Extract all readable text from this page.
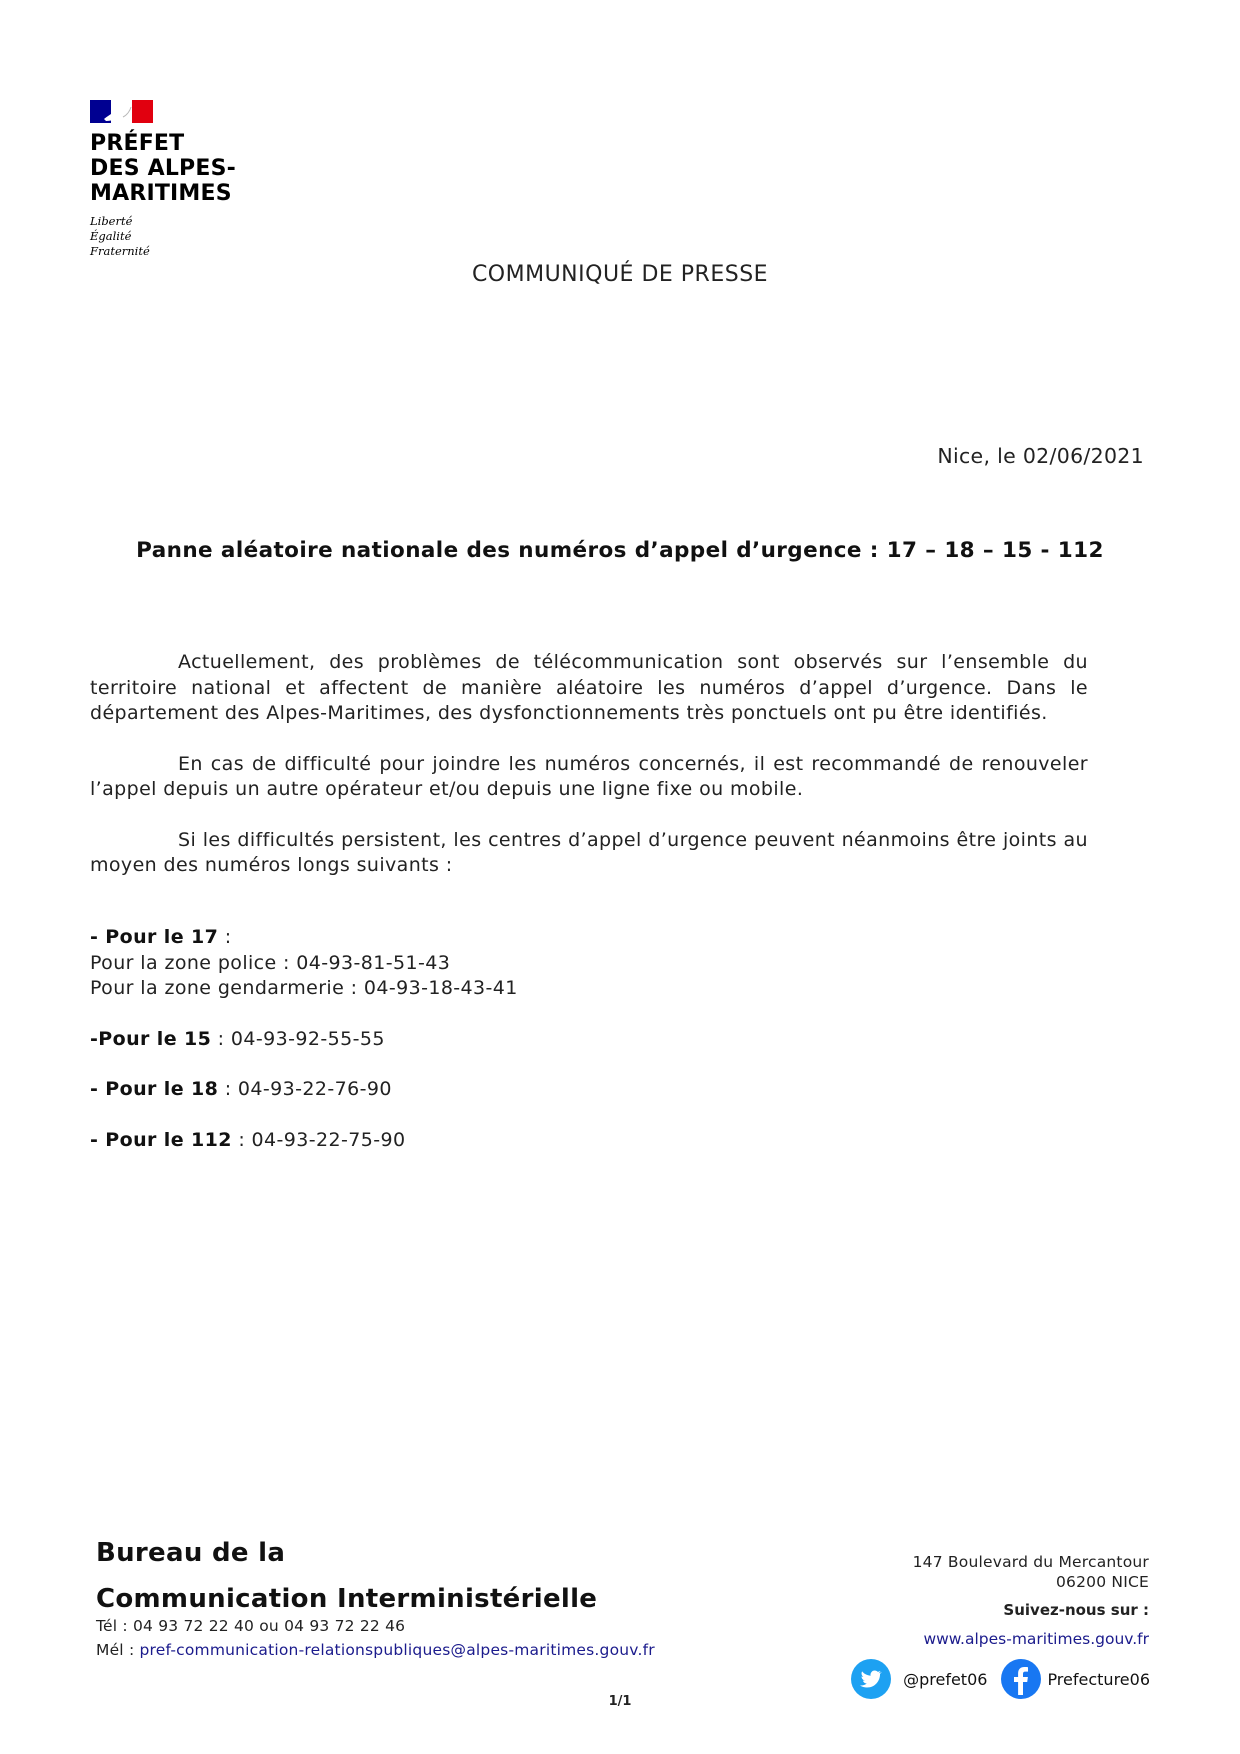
PRÉFET
DES ALPES-
MARITIMES
Liberté
Égalité
Fraternité
COMMUNIQUÉ DE PRESSE
Nice, le 02/06/2021
Panne aléatoire nationale des numéros d’appel d’urgence : 17 – 18 – 15 - 112

Actuellement, des problèmes de télécommunication sont observés sur l’ensemble du territoire national et affectent de manière aléatoire les numéros d’appel d’urgence. Dans le département des Alpes-Maritimes, des dysfonctionnements très ponctuels ont pu être identifiés.

En cas de difficulté pour joindre les numéros concernés, il est recommandé de renouveler l’appel depuis un autre opérateur et/ou depuis une ligne fixe ou mobile.

Si les difficultés persistent, les centres d’appel d’urgence peuvent néanmoins être joints au moyen des numéros longs suivants :

- Pour le 17 :
Pour la zone police : 04-93-81-51-43
Pour la zone gendarmerie : 04-93-18-43-41
-Pour le 15 : 04-93-92-55-55
- Pour le 18 : 04-93-22-76-90
- Pour le 112 : 04-93-22-75-90
Bureau de la
Communication Interministérielle
Tél : 04 93 72 22 40 ou 04 93 72 22 46
Mél : pref-communication-relationspubliques@alpes-maritimes.gouv.fr
147 Boulevard du Mercantour
06200 NICE
Suivez-nous sur :
www.alpes-maritimes.gouv.fr
@prefet06	Prefecture06
1/1
